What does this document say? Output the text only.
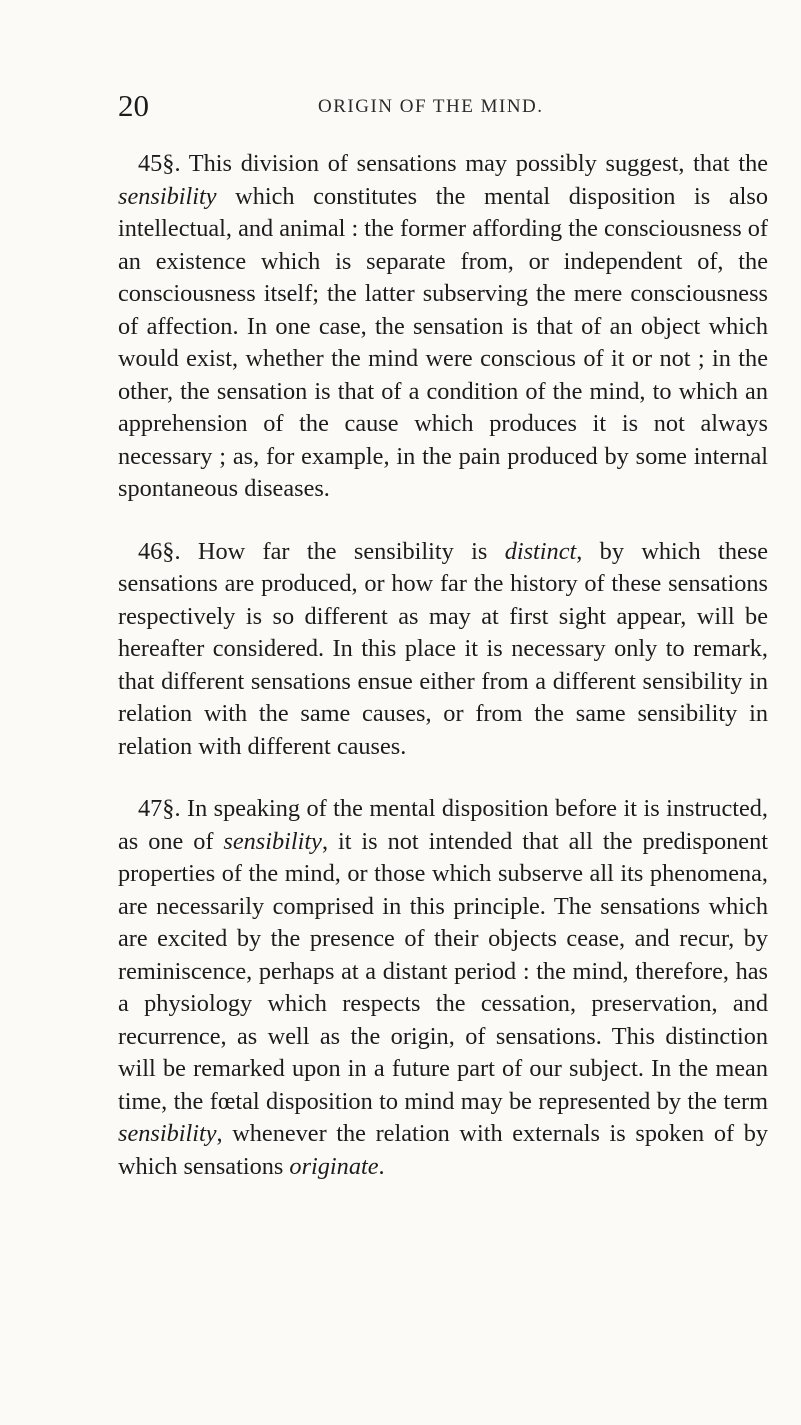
20	ORIGIN OF THE MIND.

45§. This division of sensations may possibly suggest, that the sensibility which constitutes the mental disposition is also intellectual, and animal : the former affording the consciousness of an existence which is separate from, or independent of, the consciousness itself; the latter subserving the mere consciousness of affection. In one case, the sensation is that of an object which would exist, whether the mind were conscious of it or not ; in the other, the sensation is that of a condition of the mind, to which an apprehension of the cause which produces it is not always necessary ; as, for example, in the pain produced by some internal spontaneous diseases.

46§. How far the sensibility is distinct, by which these sensations are produced, or how far the history of these sensations respectively is so different as may at first sight appear, will be hereafter considered. In this place it is necessary only to remark, that different sensations ensue either from a different sensibility in relation with the same causes, or from the same sensibility in relation with different causes.

47§. In speaking of the mental disposition before it is instructed, as one of sensibility, it is not intended that all the predisponent properties of the mind, or those which subserve all its phenomena, are necessarily comprised in this principle. The sensations which are excited by the presence of their objects cease, and recur, by reminiscence, perhaps at a distant period : the mind, therefore, has a physiology which respects the cessation, preservation, and recurrence, as well as the origin, of sensations. This distinction will be remarked upon in a future part of our subject. In the mean time, the fœtal disposition to mind may be represented by the term sensibility, whenever the relation with externals is spoken of by which sensations originate.
